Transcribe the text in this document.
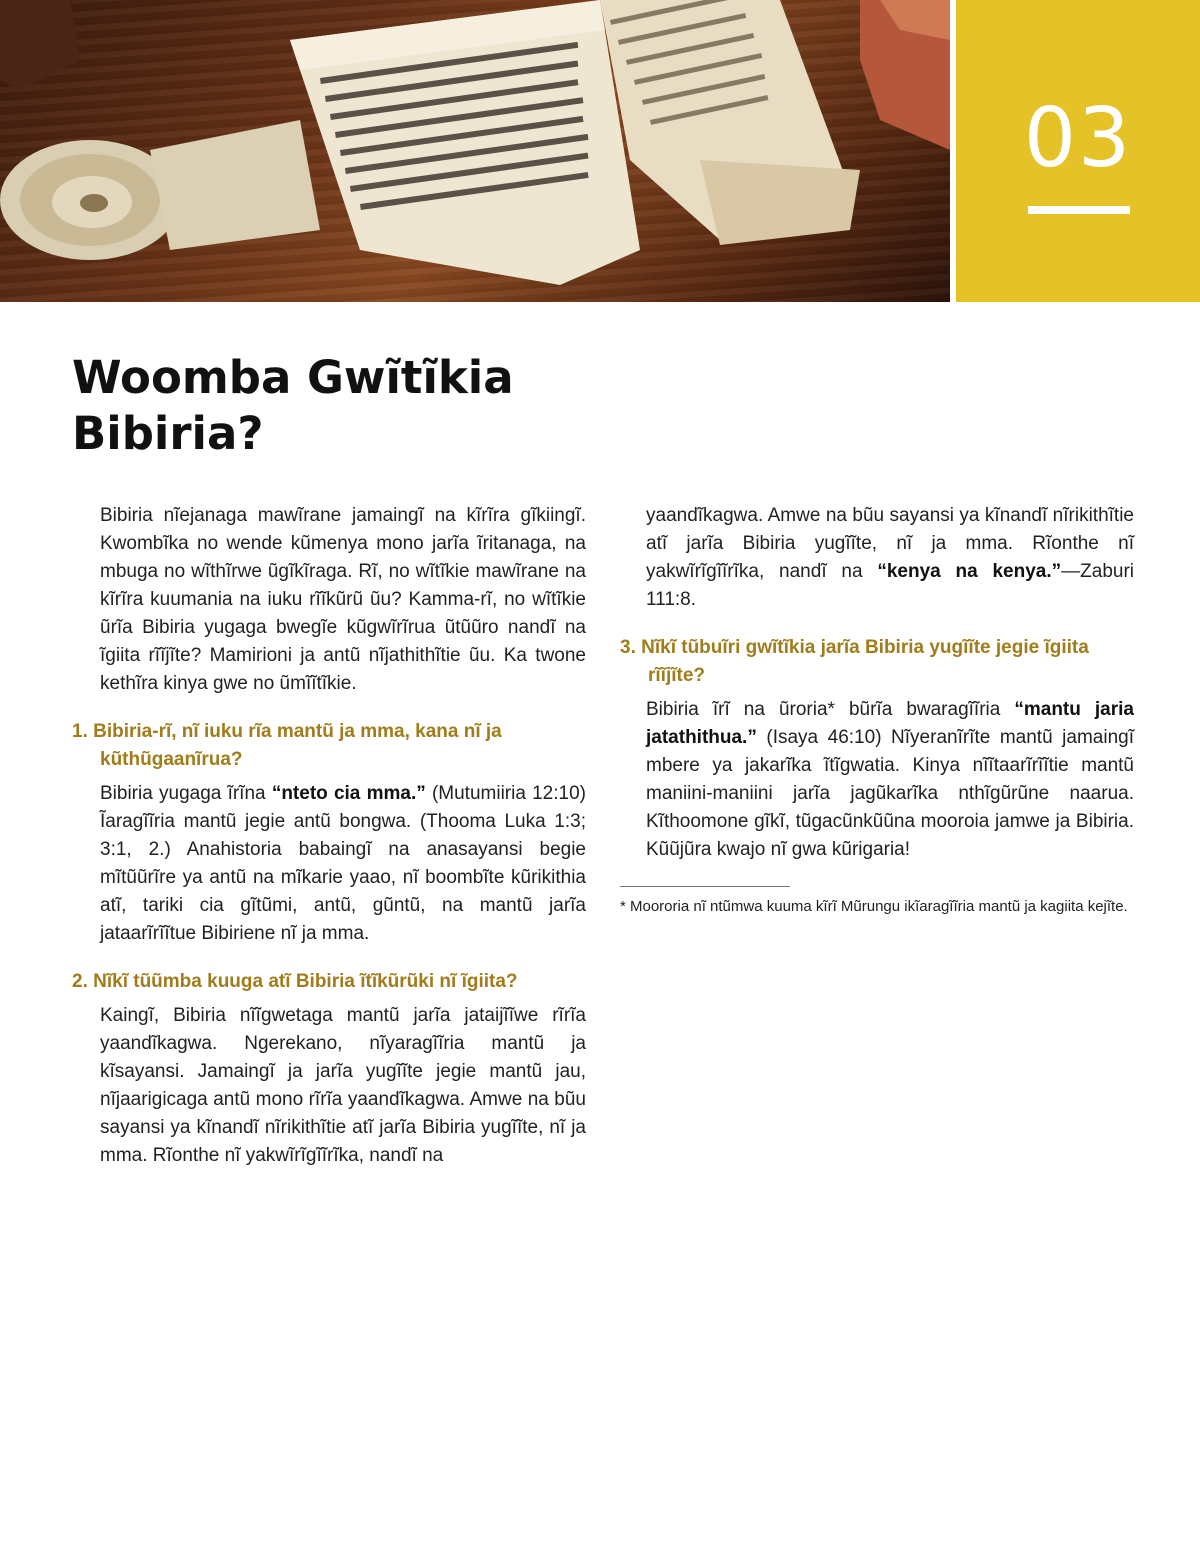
03
Woomba Gwĩtĩkia
Bibiria?

Bibiria nĩejanaga mawĩrane jamaingĩ na kĩrĩra gĩkiingĩ. Kwombĩka no wende kũmenya mono jarĩa ĩritanaga, na mbuga no wĩthĩrwe ũgĩkĩraga. Rĩ, no wĩtĩkie mawĩrane na kĩrĩra kuumania na iuku rĩĩkũrũ ũu? Kamma-rĩ, no wĩtĩkie ũrĩa Bibiria yugaga bwegĩe kũgwĩrĩrua ũtũũro nandĩ na ĩgiita rĩĩjĩte? Mamirioni ja antũ nĩjathithĩtie ũu. Ka twone kethĩra kinya gwe no ũmĩĩtĩkie.

1. Bibiria-rĩ, nĩ iuku rĩa mantũ ja mma, kana nĩ ja kũthũgaanĩrua?

Bibiria yugaga ĩrĩna “nteto cia mma.” (Mutumiiria 12:10) Ĩaragĩĩria mantũ jegie antũ bongwa. (Thooma Luka 1:3; 3:1, 2.) Anahistoria babaingĩ na anasayansi begie mĩtũũrĩre ya antũ na mĩkarie yaao, nĩ boombĩte kũrikithia atĩ, tariki cia gĩtũmi, antũ, gũntũ, na mantũ jarĩa jataarĩrĩĩtue Bibiriene nĩ ja mma.

2. Nĩkĩ tũũmba kuuga atĩ Bibiria ĩtĩkũrũki nĩ ĩgiita?

Kaingĩ, Bibiria nĩĩgwetaga mantũ jarĩa jataijĩĩwe rĩrĩa yaandĩkagwa. Ngerekano, nĩyaragĩĩria mantũ ja kĩsayansi. Jamaingĩ ja jarĩa yugĩĩte jegie mantũ jau, nĩjaarigicaga antũ mono rĩrĩa yaandĩkagwa. Amwe na bũu sayansi ya kĩnandĩ nĩrikithĩtie atĩ jarĩa Bibiria yugĩĩte, nĩ ja mma. Rĩonthe nĩ yakwĩrĩgĩĩrĩka, nandĩ na

yaandĩkagwa. Amwe na bũu sayansi ya kĩnandĩ nĩrikithĩtie atĩ jarĩa Bibiria yugĩĩte, nĩ ja mma. Rĩonthe nĩ yakwĩrĩgĩĩrĩka, nandĩ na “kenya na kenya.”—Zaburi 111:8.

3. Nĩkĩ tũbuĩri gwĩtĩkia jarĩa Bibiria yugĩĩte jegie ĩgiita rĩĩjĩte?

Bibiria ĩrĩ na ũroria* bũrĩa bwaragĩĩria “mantu jaria jatathithua.” (Isaya 46:10) Nĩyeranĩrĩte mantũ jamaingĩ mbere ya jakarĩka ĩtĩgwatia. Kinya nĩĩtaarĩrĩĩtie mantũ maniini-maniini jarĩa jagũkarĩka nthĩgũrũne naarua. Kĩthoomone gĩkĩ, tũgacũnkũũna mooroia jamwe ja Bibiria. Kũũjũra kwajo nĩ gwa kũrigaria!

* Moororia nĩ ntũmwa kuuma kĩrĩ Mũrungu ikĩaragĩĩria mantũ ja kagiita kejĩte.
